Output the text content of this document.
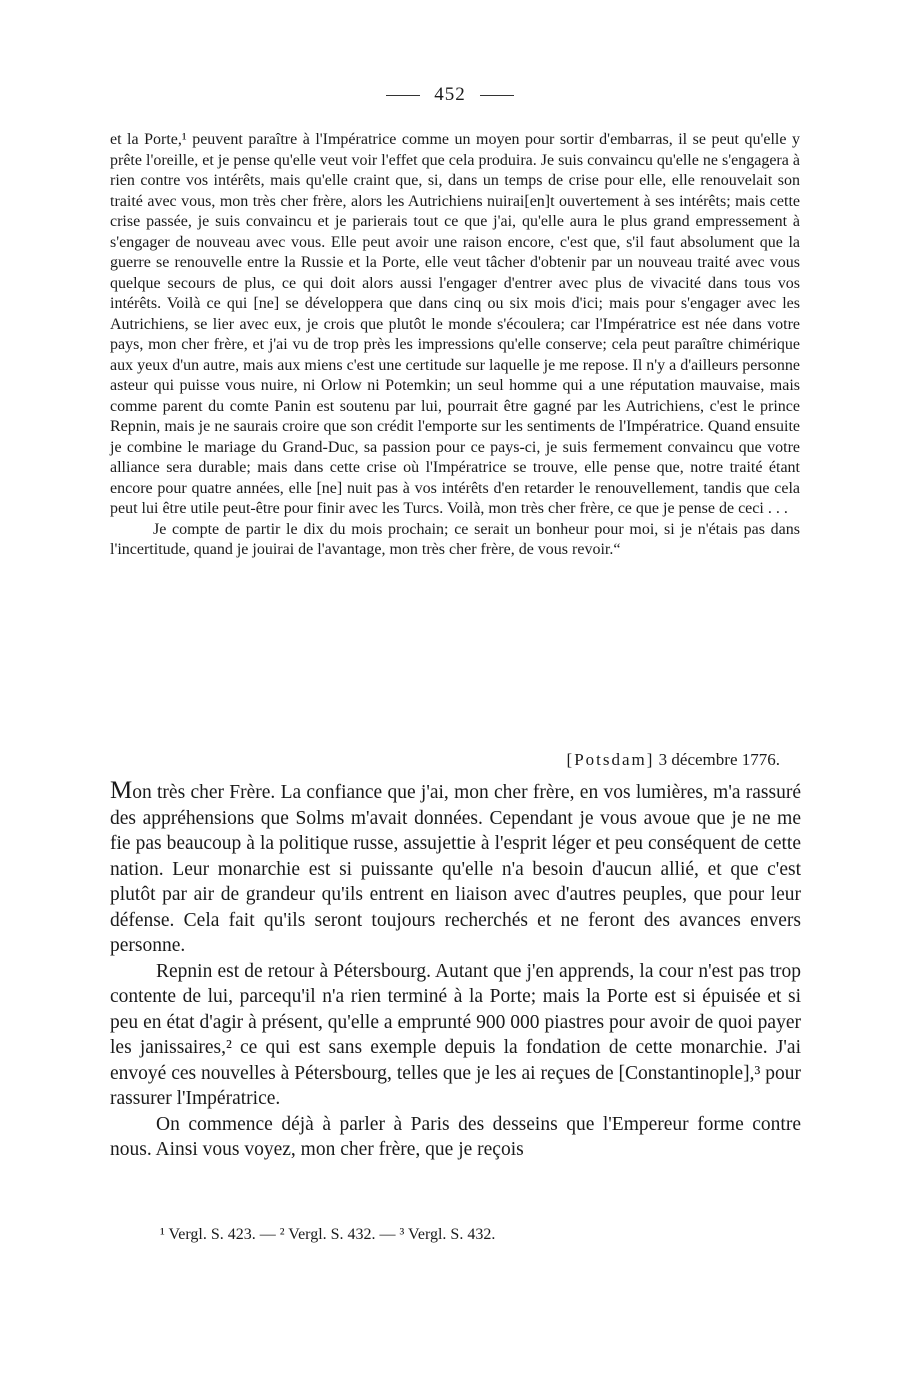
452

et la Porte,¹ peuvent paraître à l'Impératrice comme un moyen pour sortir d'embarras, il se peut qu'elle y prête l'oreille, et je pense qu'elle veut voir l'effet que cela produira. Je suis convaincu qu'elle ne s'engagera à rien contre vos intérêts, mais qu'elle craint que, si, dans un temps de crise pour elle, elle renouvelait son traité avec vous, mon très cher frère, alors les Autrichiens nuirai[en]t ouvertement à ses intérêts; mais cette crise passée, je suis convaincu et je parierais tout ce que j'ai, qu'elle aura le plus grand empressement à s'engager de nouveau avec vous. Elle peut avoir une raison encore, c'est que, s'il faut absolument que la guerre se renouvelle entre la Russie et la Porte, elle veut tâcher d'obtenir par un nouveau traité avec vous quelque secours de plus, ce qui doit alors aussi l'engager d'entrer avec plus de vivacité dans tous vos intérêts. Voilà ce qui [ne] se développera que dans cinq ou six mois d'ici; mais pour s'engager avec les Autrichiens, se lier avec eux, je crois que plutôt le monde s'écoulera; car l'Impératrice est née dans votre pays, mon cher frère, et j'ai vu de trop près les impressions qu'elle conserve; cela peut paraître chimérique aux yeux d'un autre, mais aux miens c'est une certitude sur laquelle je me repose. Il n'y a d'ailleurs personne asteur qui puisse vous nuire, ni Orlow ni Potemkin; un seul homme qui a une réputation mauvaise, mais comme parent du comte Panin est soutenu par lui, pourrait être gagné par les Autrichiens, c'est le prince Repnin, mais je ne saurais croire que son crédit l'emporte sur les sentiments de l'Impératrice. Quand ensuite je combine le mariage du Grand-Duc, sa passion pour ce pays-ci, je suis fermement convaincu que votre alliance sera durable; mais dans cette crise où l'Impératrice se trouve, elle pense que, notre traité étant encore pour quatre années, elle [ne] nuit pas à vos intérêts d'en retarder le renouvellement, tandis que cela peut lui être utile peut-être pour finir avec les Turcs. Voilà, mon très cher frère, ce que je pense de ceci . . .

Je compte de partir le dix du mois prochain; ce serait un bonheur pour moi, si je n'étais pas dans l'incertitude, quand je jouirai de l'avantage, mon très cher frère, de vous revoir.“

[Potsdam] 3 décembre 1776.

Mon très cher Frère. La confiance que j'ai, mon cher frère, en vos lumières, m'a rassuré des appréhensions que Solms m'avait données. Cependant je vous avoue que je ne me fie pas beaucoup à la politique russe, assujettie à l'esprit léger et peu conséquent de cette nation. Leur monarchie est si puissante qu'elle n'a besoin d'aucun allié, et que c'est plutôt par air de grandeur qu'ils entrent en liaison avec d'autres peuples, que pour leur défense. Cela fait qu'ils seront toujours recherchés et ne feront des avances envers personne.

Repnin est de retour à Pétersbourg. Autant que j'en apprends, la cour n'est pas trop contente de lui, parcequ'il n'a rien terminé à la Porte; mais la Porte est si épuisée et si peu en état d'agir à présent, qu'elle a emprunté 900 000 piastres pour avoir de quoi payer les janissaires,² ce qui est sans exemple depuis la fondation de cette monarchie. J'ai envoyé ces nouvelles à Pétersbourg, telles que je les ai reçues de [Constantinople],³ pour rassurer l'Impératrice.

On commence déjà à parler à Paris des desseins que l'Empereur forme contre nous. Ainsi vous voyez, mon cher frère, que je reçois

¹ Vergl. S. 423. — ² Vergl. S. 432. — ³ Vergl. S. 432.
